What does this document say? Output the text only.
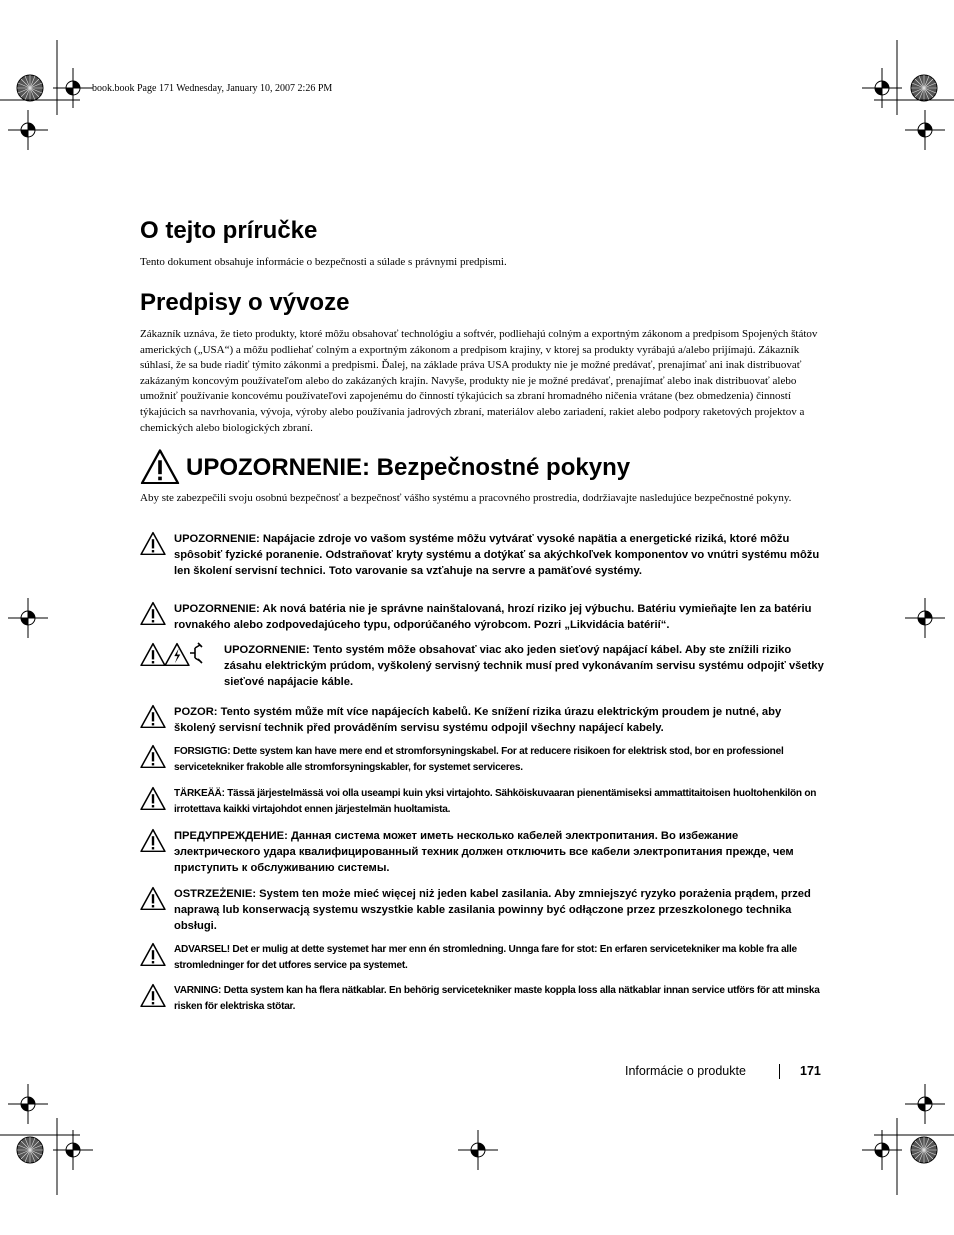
book.book Page 171 Wednesday, January 10, 2007 2:26 PM
O tejto príručke

Tento dokument obsahuje informácie o bezpečnosti a súlade s právnymi predpismi.

Predpisy o vývoze

Zákazník uznáva, že tieto produkty, ktoré môžu obsahovať technológiu a softvér, podliehajú colným a exportným zákonom a predpisom Spojených štátov amerických („USA“) a môžu podliehať colným a exportným zákonom a predpisom krajiny, v ktorej sa produkty vyrábajú a/alebo prijímajú. Zákazník súhlasí, že sa bude riadiť týmito zákonmi a predpismi. Ďalej, na základe práva USA produkty nie je možné predávať, prenajímať ani inak distribuovať zakázaným koncovým používateľom alebo do zakázaných krajín. Navyše, produkty nie je možné predávať, prenajímať alebo inak distribuovať alebo umožniť používanie koncovému používateľovi zapojenému do činností týkajúcich sa zbraní hromadného ničenia vrátane (bez obmedzenia) činností týkajúcich sa navrhovania, vývoja, výroby alebo používania jadrových zbraní, materiálov alebo zariadení, rakiet alebo podpory raketových projektov a chemických alebo biologických zbraní.

UPOZORNENIE: Bezpečnostné pokyny

Aby ste zabezpečili svoju osobnú bezpečnosť a bezpečnosť vášho systému a pracovného prostredia, dodržiavajte nasledujúce bezpečnostné pokyny.

UPOZORNENIE: Napájacie zdroje vo vašom systéme môžu vytvárať vysoké napätia a energetické riziká, ktoré môžu spôsobiť fyzické poranenie. Odstraňovať kryty systému a dotýkať sa akýchkoľvek komponentov vo vnútri systému môžu len školení servisní technici. Toto varovanie sa vzťahuje na servre a pamäťové systémy.
UPOZORNENIE: Ak nová batéria nie je správne nainštalovaná, hrozí riziko jej výbuchu. Batériu vymieňajte len za batériu rovnakého alebo zodpovedajúceho typu, odporúčaného výrobcom. Pozri „Likvidácia batérií“.
UPOZORNENIE: Tento systém môže obsahovať viac ako jeden sieťový napájací kábel. Aby ste znížili riziko zásahu elektrickým prúdom, vyškolený servisný technik musí pred vykonávaním servisu systému odpojiť všetky sieťové napájacie káble.
POZOR: Tento systém může mít více napájecích kabelů. Ke snížení rizika úrazu elektrickým proudem je nutné, aby školený servisní technik před prováděním servisu systému odpojil všechny napájecí kabely.
FORSIGTIG: Dette system kan have mere end et stromforsyningskabel. For at reducere risikoen for elektrisk stod, bor en professionel servicetekniker frakoble alle stromforsyningskabler, for systemet serviceres.
TÄRKEÄÄ: Tässä järjestelmässä voi olla useampi kuin yksi virtajohto. Sähköiskuvaaran pienentämiseksi ammattitaitoisen huoltohenkilön on irrotettava kaikki virtajohdot ennen järjestelmän huoltamista.
ПРЕДУПРЕЖДЕНИЕ: Данная система может иметь несколько кабелей электропитания. Во избежание электрического удара квалифицированный техник должен отключить все кабели электропитания прежде, чем приступить к обслуживанию системы.
OSTRZEŻENIE: System ten może mieć więcej niż jeden kabel zasilania. Aby zmniejszyć ryzyko porażenia prądem, przed naprawą lub konserwacją systemu wszystkie kable zasilania powinny być odłączone przez przeszkolonego technika obsługi.
ADVARSEL! Det er mulig at dette systemet har mer enn én stromledning. Unnga fare for stot: En erfaren servicetekniker ma koble fra alle stromledninger for det utfores service pa systemet.
VARNING: Detta system kan ha flera nätkablar. En behörig servicetekniker maste koppla loss alla nätkablar innan service utförs för att minska risken för elektriska stötar.
Informácie o produkte	171
